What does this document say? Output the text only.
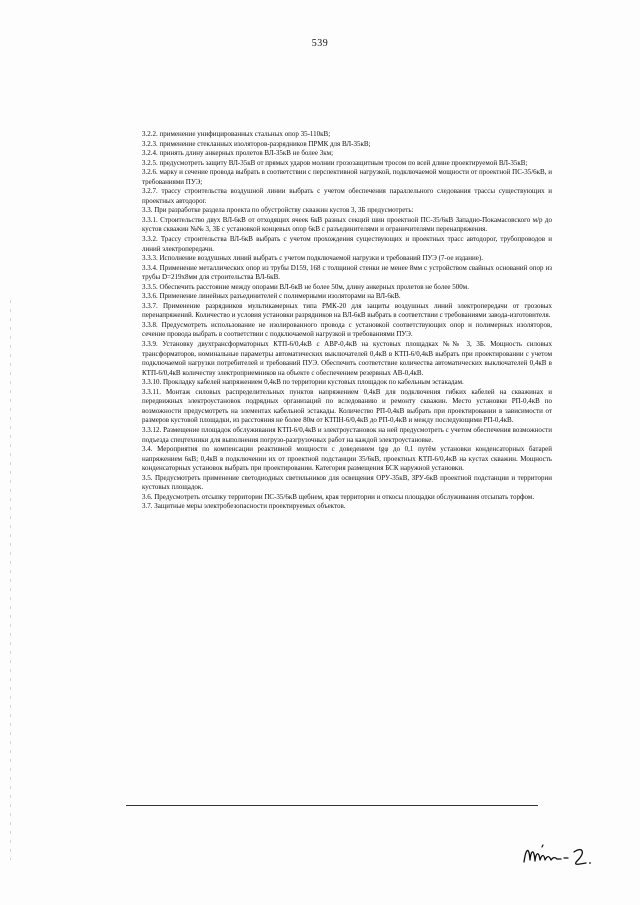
539

3.2.2. применение унифицированных стальных опор 35-110кВ;

3.2.3. применение стекланных изоляторов-разрядников ПРМК для ВЛ-35кВ;

3.2.4. принять длину анкерных пролетов ВЛ-35кВ не более 3км;

3.2.5. предусмотреть защиту ВЛ-35кВ от прямых ударов молнии грозозащитным тросом по всей длине проектируемой ВЛ-35кВ;

3.2.6. марку и сечение провода выбрать в соответствии с перспективной нагрузкой, подключаемой мощности от проектной ПС-35/6кВ, и требованиями ПУЭ;

3.2.7. трассу строительства воздушной линии выбрать с учетом обеспечения параллельного следования трассы существующих и проектных автодорог.

3.3. При разработке раздела проекта по обустройству скважин кустов 3, 3Б предусмотреть:

3.3.1. Строительство двух ВЛ-6кВ от отходящих ячеек 6кВ разных секций шин проектной ПС-35/6кВ Западно-Покамасовского м/р до кустов скважин №№ 3, 3Б с установкой концевых опор 6кВ с разъединителями и ограничителями перенапряжения.

3.3.2. Трассу строительства ВЛ-6кВ выбрать с учетом прохождения существующих и проектных трасс автодорог, трубопроводов и линий электропередачи.

3.3.3. Исполнение воздушных линий выбрать с учетом подключаемой нагрузки и требований ПУЭ (7-ое издание).

3.3.4. Применение металлических опор из трубы D159, 168 с толщиной стенки не менее 8мм с устройством свайных оснований опор из трубы D=219х8мм для строительства ВЛ-6кВ.

3.3.5. Обеспечить расстояние между опорами ВЛ-6кВ не более 50м, длину анкерных пролетов не более 500м.

3.3.6. Применение линейных разъединителей с полимерными изоляторами на ВЛ-6кВ.

3.3.7. Применение разрядников мультикамерных типа РМК-20 для защиты воздушных линий электропередачи от грозовых перенапряжений. Количество и условия установки разрядников на ВЛ-6кВ выбрать в соответствии с требованиями завода-изготовителя.

3.3.8. Предусмотреть использование не изолированного провода с установкой соответствующих опор и полимерных изоляторов, сечение провода выбрать в соответствии с подключаемой нагрузкой и требованиями ПУЭ.

3.3.9. Установку двухтрансформаторных КТП-6/0,4кВ с АВР-0,4кВ на кустовых площадках №№ 3, 3Б. Мощность силовых трансформаторов, номинальные параметры автоматических выключателей 0,4кВ в КТП-6/0,4кВ выбрать при проектировании с учетом подключаемой нагрузки потребителей и требований ПУЭ. Обеспечить соответствие количества автоматических выключателей 0,4кВ в КТП-6/0,4кВ количеству электроприемников на объекте с обеспечением резервных АВ-0,4кВ.

3.3.10. Прокладку кабелей напряжением 0,4кВ по территории кустовых площадок по кабельным эстакадам.

3.3.11. Монтаж силовых распределительных пунктов напряжением 0,4кВ для подключения гибких кабелей на скважинах и передвижных электроустановок подрядных организаций по вследованию и ремонту скважин. Место установки РП-0,4кВ по возможности предусмотреть на элементах кабельной эстакады. Количество РП-0,4кВ выбрать при проектировании в зависимости от размеров кустовой площадки, из расстояния не более 80м от КТПН-6/0,4кВ до РП-0,4кВ и между последующими РП-0,4кВ.

3.3.12. Размещение площадок обслуживания КТП-6/0,4кВ и электроустановок на ней предусмотреть с учетом обеспечения возможности подъезда спецтехники для выполнения погрузо-разгрузочных работ на каждой электроустановке.

3.4. Мероприятия по компенсации реактивной мощности с доведением tgφ до 0,1 путём установки конденсаторных батарей напряжением 6кВ; 0,4кВ в подключении их от проектной подстанции 35/6кВ, проектных КТП-6/0,4кВ на кустах скважин. Мощность конденсаторных установок выбрать при проектировании. Категория размещения БСК наружной установки.

3.5. Предусмотреть применение светодиодных светильников для освещения ОРУ-35кВ, ЗРУ-6кВ проектной подстанции и территории кустовых площадок.

3.6. Предусмотреть отсыпку территории ПС-35/6кВ щебнем, края территории и откосы площадки обслуживания отсыпать торфом.

3.7. Защитные меры электробезопасности проектируемых объектов.
